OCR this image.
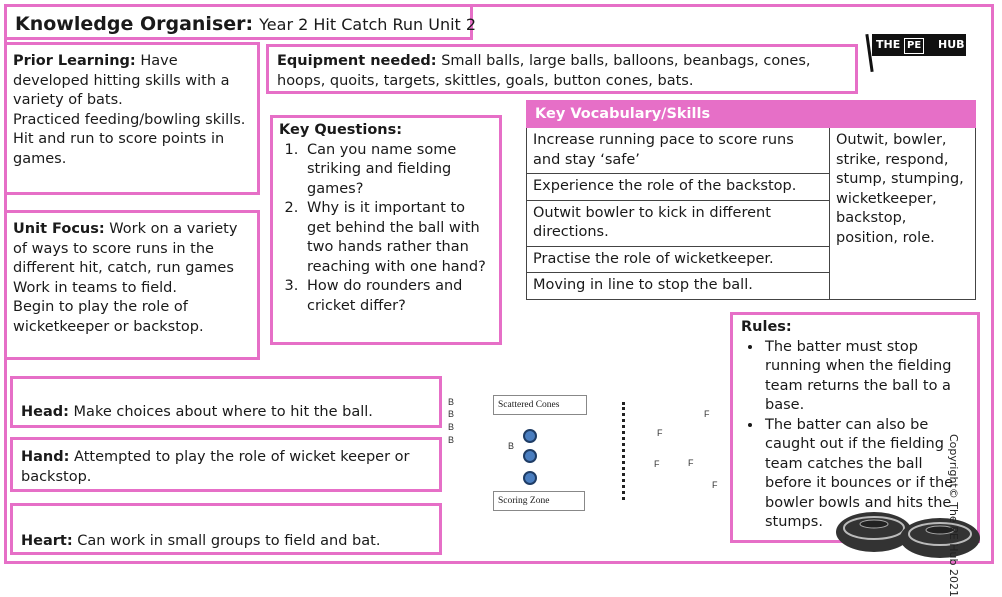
Knowledge Organiser: Year 2 Hit Catch Run Unit 2
THE PE HUB
Prior Learning: Have developed hitting skills with a variety of bats.
Practiced feeding/bowling skills.
Hit and run to score points in games.
Equipment needed: Small balls, large balls, balloons, beanbags, cones, hoops, quoits, targets, skittles, goals, button cones, bats.
Key Questions:
1. Can you name some striking and fielding games?
2. Why is it important to get behind the ball with two hands rather than reaching with one hand?
3. How do rounders and cricket differ?
Key Vocabulary/Skills
Increase running pace to score runs and stay ‘safe’	Outwit, bowler, strike, respond, stump, stumping, wicketkeeper, backstop, position, role.
Experience the role of the backstop.
Outwit bowler to kick in different directions.
Practise the role of wicketkeeper.
Moving in line to stop the ball.
Unit Focus: Work on a variety of ways to score runs in the different hit, catch, run games
Work in teams to field.
Begin to play the role of wicketkeeper or backstop.
Head: Make choices about where to hit the ball.
Hand: Attempted to play the role of wicket keeper or backstop.
Heart: Can work in small groups to field and bat.
B
B
B
B
Scattered Cones
B
Scoring Zone
F
F
F	F
F
Rules:
• The batter must stop running when the fielding team returns the ball to a base.
• The batter can also be caught out if the fielding team catches the ball before it bounces or if the bowler bowls and hits the stumps.	Copyright© The PE Hub 2021
